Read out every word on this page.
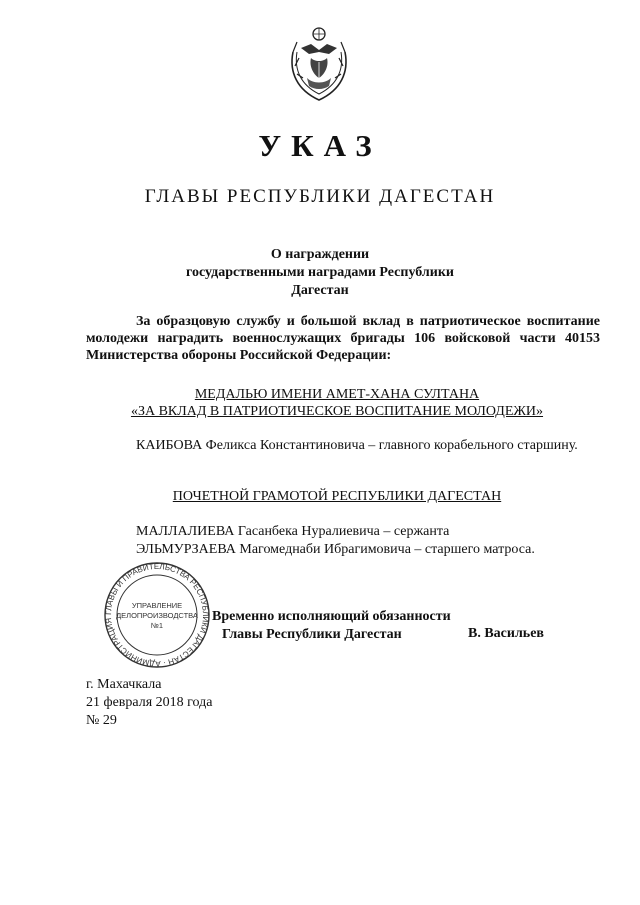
УКАЗ
ГЛАВЫ РЕСПУБЛИКИ ДАГЕСТАН
О награждении
государственными наградами Республики Дагестан
За образцовую службу и большой вклад в патриотическое воспитание молодежи наградить военнослужащих бригады 106 войсковой части 40153 Министерства обороны Российской Федерации:
МЕДАЛЬЮ ИМЕНИ АМЕТ-ХАНА СУЛТАНА
«ЗА ВКЛАД В ПАТРИОТИЧЕСКОЕ ВОСПИТАНИЕ МОЛОДЕЖИ»
КАИБОВА Феликса Константиновича – главного корабельного старшину.
ПОЧЕТНОЙ ГРАМОТОЙ РЕСПУБЛИКИ ДАГЕСТАН
МАЛЛАЛИЕВА Гасанбека Нуралиевича – сержанта
ЭЛЬМУРЗАЕВА Магомеднаби Ибрагимовича – старшего матроса.
ГЛАВЫ И ПРАВИТЕЛЬСТВА РЕСПУБЛИКИ ДАГЕСТАН · АДМИНИСТРАЦИЯ
УПРАВЛЕНИЕ
ДЕЛОПРОИЗВОДСТВА
№1
Временно исполняющий обязанности
Главы Республики Дагестан	В. Васильев
г. Махачкала
21 февраля 2018 года
№ 29
